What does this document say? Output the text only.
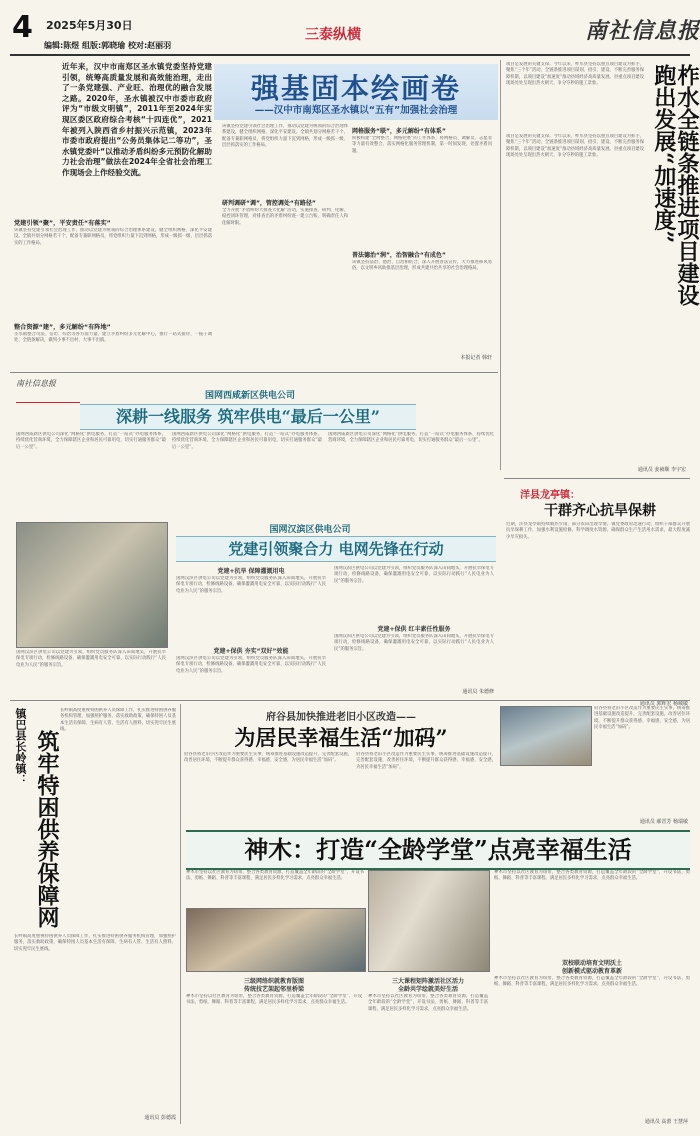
4 2025年5月30日
编辑:陈煜 组版:郭晓瑜 校对:赵丽羽
三泰纵横	南社信息报
近年来，汉中市南郑区圣水镇党委坚持党建引领，统筹高质量发展和高效能治理，走出了一条党建强、产业旺、治理优的融合发展之路。2020年，圣水镇被汉中市委市政府评为“市级文明镇”，2011年至2024年实现区委区政府综合考核“十四连优”，2021年被列入陕西省乡村振兴示范镇，2023年市委市政府提出“公务员集体记二等功”，圣水镇党委叶“以推动矛盾纠纷多元预防化解助力社会治理”做法在2024年全省社会治理工作现场会上作经验交流。
强基固本绘画卷
——汉中市南郑区圣水镇以“五有”加强社会治理
党建引领“聚”，平安责任“有落实”
该镇坚持党建引领社会治理工作，推动以党建为统领的综合治理体系建设，健全组织网格，深化平安建设。全镇共划分网格若干个，配备专兼职网格员，将党组织力量下沉到网格，形成一级抓一级、层层抓落实的工作格局。
整合资源“建”，多元解纷“有阵地”
圣水镇整合司法、信访、综治等各方面力量，建立矛盾纠纷多元化解中心，推行一站式接待、一揽子调处、全链条解决，做到小事不出村、大事不出镇。
该镇坚持党建引领社会治理工作，推动以党建为统领的综合治理体系建设，健全组织网格，深化平安建设。全镇共划分网格若干个，配备专兼职网格员，将党组织力量下沉到网格，形成一级抓一级、层层抓落实的工作格局。
研判调研“调”，管控调处“有路径”
全力开展“矛盾纠纷大排查大化解”活动，实施排查、研判、化解、稳控闭环管理，对排查出的矛盾纠纷逐一建立台账，明确责任人和化解时限。
网格服务“联”，多元解纷“有体系”
积极构建“全网整合、网格兜底”的工作体系，将网格员、调解员、志愿者等力量有效整合，落实网格化服务管理机制，第一时间发现、处置矛盾问题。
普法德治“润”，治智融合“有成色”
该镇坚持法治、德治、自治相结合，深入开展普法宣传，大力推进移风易俗，以文明乡风助推基层治理，形成共建共治共享的社会治理格局。
本报记者 韩轩
项目是发展的关键支撑。今年以来，柞水县坚持以重点项目建设为抓手，聚焦“三个年”活动，全链条推进项目谋划、招引、建设，不断完善服务保障机制，以项目建设“加速度”推动县域经济高质量发展。县重点项目建设现场处处呈现出热火朝天、争分夺秒的施工景象。	柞水全链条推进项目建设跑出发展“加速度”
项目是发展的关键支撑。今年以来，柞水县坚持以重点项目建设为抓手，聚焦“三个年”活动，全链条推进项目谋划、招引、建设，不断完善服务保障机制，以项目建设“加速度”推动县域经济高质量发展。县重点项目建设现场处处呈现出热火朝天、争分夺秒的施工景象。
通讯员 姜祯顺 李宇宏
南社信息报
国网西咸新区供电公司
深耕一线服务 筑牢供电“最后一公里”
国网西咸新区供电公司深化“网格化”供电服务，打造“一站式”办电服务体系，持续优化营商环境，全力保障辖区企业和居民可靠用电，切实打通服务群众“最后一公里”。
国网西咸新区供电公司深化“网格化”供电服务，打造“一站式”办电服务体系，持续优化营商环境，全力保障辖区企业和居民可靠用电，切实打通服务群众“最后一公里”。
国网西咸新区供电公司深化“网格化”供电服务，打造“一站式”办电服务体系，持续优化营商环境，全力保障辖区企业和居民可靠用电，切实打通服务群众“最后一公里”。
国网汉滨区供电公司
党建引领聚合力 电网先锋在行动
国网汉滨区供电公司以党建为引领，组织党员服务队深入田间地头，开展抗旱保电专项行动，检修线路设备，确保灌溉用电安全可靠，以实际行动践行“人民电业为人民”的服务宗旨。
党建+抗旱 保障灌溉用电
国网汉滨区供电公司以党建为引领，组织党员服务队深入田间地头，开展抗旱保电专项行动，检修线路设备，确保灌溉用电安全可靠，以实际行动践行“人民电业为人民”的服务宗旨。
党建+保供 夯实“双好”效能
国网汉滨区供电公司以党建为引领，组织党员服务队深入田间地头，开展抗旱保电专项行动，检修线路设备，确保灌溉用电安全可靠，以实际行动践行“人民电业为人民”的服务宗旨。
国网汉滨区供电公司以党建为引领，组织党员服务队深入田间地头，开展抗旱保电专项行动，检修线路设备，确保灌溉用电安全可靠，以实际行动践行“人民电业为人民”的服务宗旨。
党建+保供 红丰素任性服务
国网汉滨区供电公司以党建为引领，组织党员服务队深入田间地头，开展抗旱保电专项行动，检修线路设备，确保灌溉用电安全可靠，以实际行动践行“人民电业为人民”的服务宗旨。
通讯员 朱德修
洋县龙亭镇：
干群齐心抗旱保耕
近期，洋县龙亭镇持续晴热少雨，部分农田出现旱情。镇党委政府迅速行动，组织干部群众开展抗旱保耕工作，加强水利设施检修，科学调度水资源，确保群众生产生活用水需求，最大程度减少旱灾损失。
通讯员 郭辉宏 杨城敏
镇巴县长岭镇： 筑牢特困供养保障网
长岭镇高度重视特困供养人员保障工作，扎实推进特困供养服务机构管理，加强照护服务，落实救助政策，确保特困人员基本生活有保障、生病有人管、生活有人照料，切实兜牢民生底线。
长岭镇高度重视特困供养人员保障工作，扎实推进特困供养服务机构管理，加强照护服务，落实救助政策，确保特困人员基本生活有保障、生病有人管、生活有人照料，切实兜牢民生底线。
通讯员 彭德霞
府谷县加快推进老旧小区改造——
为居民幸福生活“加码”
府谷县将老旧小区改造作为重要民生实事，统筹推进基础设施改造提升，完善配套设施，改善居住环境，不断提升群众获得感、幸福感、安全感，为居民幸福生活“加码”。
府谷县将老旧小区改造作为重要民生实事，统筹推进基础设施改造提升，完善配套设施，改善居住环境，不断提升群众获得感、幸福感、安全感，为居民幸福生活“加码”。
府谷县将老旧小区改造作为重要民生实事，统筹推进基础设施改造提升，完善配套设施，改善居住环境，不断提升群众获得感、幸福感、安全感，为居民幸福生活“加码”。
通讯员 郝晋芳 杨瑞敏
神木：打造“全龄学堂”点亮幸福生活
神木市坚持以社区教育为纽带，整合各类教育资源，打造覆盖全年龄段的“全龄学堂”，开设书法、剪纸、舞蹈、科普等丰富课程，满足居民多样化学习需求，点亮群众幸福生活。
神木市坚持以社区教育为纽带，整合各类教育资源，打造覆盖全年龄段的“全龄学堂”，开设书法、剪纸、舞蹈、科普等丰富课程，满足居民多样化学习需求，点亮群众幸福生活。
三级网络织就教育版图
传统技艺架起邻里桥梁
神木市坚持以社区教育为纽带，整合各类教育资源，打造覆盖全年龄段的“全龄学堂”，开设书法、剪纸、舞蹈、科普等丰富课程，满足居民多样化学习需求，点亮群众幸福生活。
三大课程矩阵激活社区活力
全龄共学绘就美好生活
神木市坚持以社区教育为纽带，整合各类教育资源，打造覆盖全年龄段的“全龄学堂”，开设书法、剪纸、舞蹈、科普等丰富课程，满足居民多样化学习需求，点亮群众幸福生活。
双校联动培育文明沃土
创新模式驱动教育革新
神木市坚持以社区教育为纽带，整合各类教育资源，打造覆盖全年龄段的“全龄学堂”，开设书法、剪纸、舞蹈、科普等丰富课程，满足居民多样化学习需求，点亮群众幸福生活。
通讯员 高蕾 王慧萍
